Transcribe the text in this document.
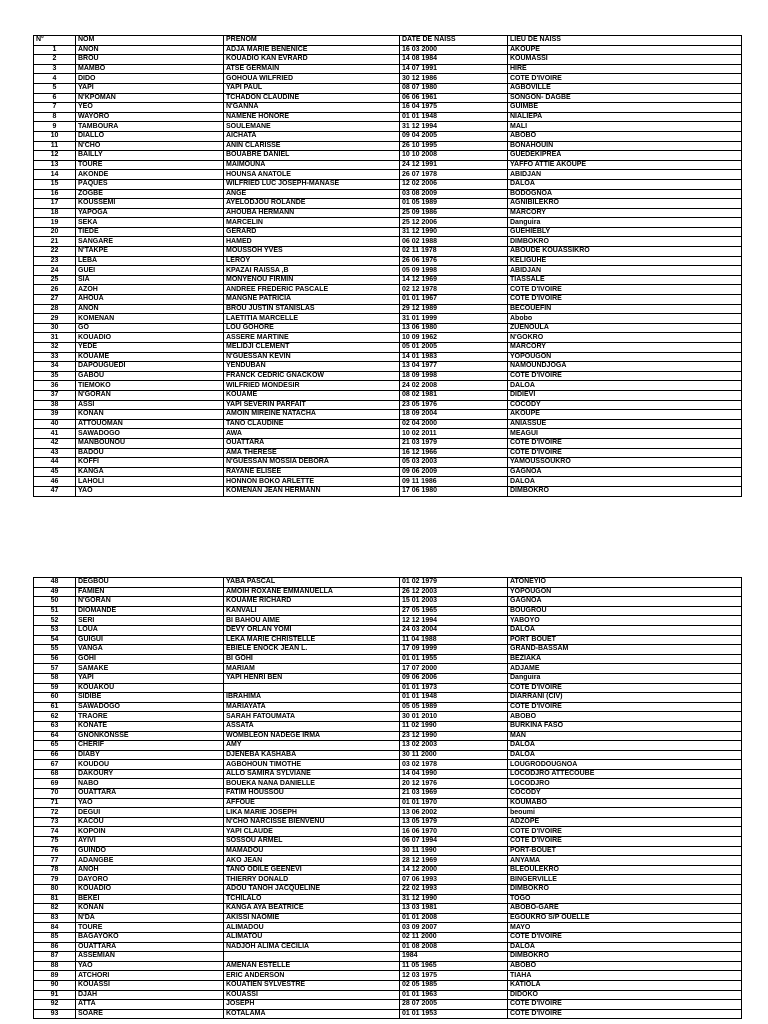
N°	NOM	PRENOM	DATE DE NAISS	LIEU DE NAISS
1	ANON	ADJA MARIE BENENICE	16 03 2000	AKOUPE
2	BROU	KOUADIO KAN EVRARD	14 08 1984	KOUMASSI
3	MAMBO	ATSE GERMAIN	14 07 1991	HIRE
4	DIDO	GOHOUA WILFRIED	30 12 1986	COTE D'IVOIRE
5	YAPI	YAPI PAUL	08 07 1980	AGBOVILLE
6	N'KPOMAN	TCHADON CLAUDINE	06 06 1961	SONGON- DAGBE
7	YEO	N'GANNA	16 04 1975	GUIMBE
8	WAYORO	NAMENE HONORE	01 01 1948	NIALIEPA
9	TAMBOURA	SOULEMANE	31 12 1994	MALI
10	DIALLO	AICHATA	09 04 2005	ABOBO
11	N'CHO	ANIN CLARISSE	26 10 1995	BONAHOUIN
12	BAILLY	BOUABRE DANIEL	10 10 2008	GUEDEKIPREA
13	TOURE	MAIMOUNA	24 12 1991	YAFFO ATTIE AKOUPE
14	AKONDE	HOUNSA ANATOLE	26 07 1978	ABIDJAN
15	PÂQUES	WILFRIED LUC JOSEPH-MANASÉ	12 02 2006	DALOA
16	ZOGBE	ANGE	03 08 2009	BODOGNOA
17	KOUSSEMI	AYELODJOU ROLANDE	01 05 1989	AGNIBILEKRO
18	YAPOGA	AHOUBA HERMANN	25 09 1986	MARCORY
19	SEKA	MARCELIN	25 12 2006	Danguira
20	TIEDE	GÉRARD	31 12 1990	GUEHIEBLY
21	SANGARE	HAMED	06 02 1988	DIMBOKRO
22	N'TAKPE	MOUSSOH YVES	02 11 1978	ABOUDE KOUASSIKRO
23	LEBA	LEROY	26 06 1976	KELIGUHE
24	GUEI	KPAZAI RAISSA ,B	05 09 1998	ABIDJAN
25	SIA	MONYENOU FIRMIN	14 12 1969	TIASSALE
26	AZOH	ANDREE FREDERIC PASCALE	02 12 1978	COTE D'IVOIRE
27	AHOUA	MANGNE PATRICIA	01 01 1967	COTE D'IVOIRE
28	ANON	BROU JUSTIN STANISLAS	29 12 1989	BECOUEFIN
29	KOMENAN	LAETITIA MARCELLE	31 01 1999	Abobo
30	GO	LOU GOHORE	13 06 1980	ZUENOULA
31	KOUADIO	ASSERE MARTINE	10 09 1962	N'GOKRO
32	YEDE	MELIDJI CLEMENT	05 01 2005	MARCORY
33	KOUAME	N'GUESSAN KEVIN	14 01 1983	YOPOUGON
34	DAPOUGUEDI	YENDUBAN	13 04 1977	NAMOUNDJOGA
35	GABOU	FRANCK CEDRIC GNACKOW	18 09 1998	COTE D'IVOIRE
36	TIEMOKO	WILFRIED MONDESIR	24 02 2008	DALOA
37	N'GORAN	KOUAME	08 02 1981	DIDIEVI
38	ASSI	YAPI SEVERIN PARFAIT	23 05 1976	COCODY
39	KONAN	AMOIN MIREINE NATACHA	18 09 2004	AKOUPE
40	ATTOUOMAN	TANO CLAUDINE	02 04 2000	ANIASSUE
41	SAWADOGO	AWA	10 02 2011	MEAGUI
42	MANBOUNOU	OUATTARA	21 03 1979	COTE D'IVOIRE
43	BADOU	AMA THERESE	16 12 1966	COTE D'IVOIRE
44	KOFFI	N'GUESSAN MOSSIA DEBORA	05 03 2003	YAMOUSSOUKRO
45	KANGA	RAYANE ELISEE	09 06 2009	GAGNOA
46	LAHOLI	HONNON BOKO ARLETTE	09 11 1986	DALOA
47	YAO	KOMENAN JEAN HERMANN	17 06 1980	DIMBOKRO
48	DEGBOU	YABA PASCAL	01 02 1979	ATONEYIO
49	FAMIEN	AMOIH ROXANE EMMANUELLA	26 12 2003	YOPOUGON
50	N'GORAN	KOUAME RICHARD	15 01 2003	GAGNOA
51	DIOMANDE	KANVALI	27 05 1965	BOUGROU
52	SERI	BI BAHOU AIME	12 12 1994	YABOYO
53	LOUA	DEVY ORLAN YOMI	24 03 2004	DALOA
54	GUIGUI	LEKA MARIE CHRISTELLE	11 04 1988	PORT BOUET
55	VANGA	EBIELE ENOCK JEAN L.	17 09 1999	GRAND-BASSAM
56	GOHI	BI GOHI	01 01 1955	BEZIAKA
57	SAMAKE	MARIAM	17 07 2000	ADJAME
58	YAPI	YAPI HENRI BEN	09 06 2006	Danguira
59	KOUAKOU		01 01 1973	COTE D'IVOIRE
60	SIDIBE	IBRAHIMA	01 01 1948	DIARRANI (CIV)
61	SAWADOGO	MARIAYATA	05 05 1989	COTE D'IVOIRE
62	TRAORE	SARAH FATOUMATA	30 01 2010	ABOBO
63	KONATE	ASSATA	11 02 1990	BURKINA FASO
64	GNONKONSSE	WOMBLEON NADEGE IRMA	23 12 1990	MAN
65	CHERIF	AMY	13 02 2003	DALOA
66	DIABY	DJENEBA KASHABA	30 11 2000	DALOA
67	KOUDOU	AGBOHOUN TIMOTHE	03 02 1978	LOUGRODOUGNOA
68	DAKOURY	ALLO SAMIRA SYLVIANE	14 04 1990	LOCODJRO ATTECOUBE
69	NABO	BOUEKA NANA DANIELLE	20 12 1976	LOCODJRO
70	OUATTARA	FATIM HOUSSOU	21 03 1969	COCODY
71	YAO	AFFOUE	01 01 1970	KOUMABO
72	DEGUI	LIKA MARIE JOSEPH	13 06 2002	beoumi
73	KACOU	N'CHO NARCISSE BIENVENU	13 05 1979	ADZOPE
74	KOPOIN	YAPI CLAUDE	16 06 1970	COTE D'IVOIRE
75	AYIVI	SOSSOU ARMEL	06 07 1994	COTE D'IVOIRE
76	GUINDO	MAMADOU	30 11 1990	PORT-BOUET
77	ADANGBE	AKO JEAN	28 12 1969	ANYAMA
78	ANOH	TANO ODILE GEENEVI	14 12 2000	BLEOULEKRO
79	DAYORO	THIERRY DONALD	07 06 1993	BINGERVILLE
80	KOUADIO	ADOU TANOH JACQUELINE	22 02 1993	DIMBOKRO
81	BEKEI	TCHILALO	31 12 1990	TOGO
82	KONAN	KANGA AYA BEATRICE	13 03 1981	ABOBO-GARE
83	N'DA	AKISSI NAOMIE	01 01 2008	EGOUKRO S/P OUELLE
84	TOURE	ALIMADOU	03 09 2007	MAYO
85	BAGAYOKO	ALIMATOU	02 11 2000	COTE D'IVOIRE
86	OUATTARA	NADJOH ALIMA CECILIA	01 08 2008	DALOA
87	ASSEMIAN		1984	DIMBOKRO
88	YAO	AMENAN ESTELLE	11 05 1965	ABOBO
89	ATCHORI	ERIC ANDERSON	12 03 1975	TIAHA
90	KOUASSI	KOUATIEN SYLVESTRE	02 05 1985	KATIOLA
91	DJAH	KOUASSI	01 01 1963	DIDOKO
92	ATTA	JOSEPH	28 07 2005	COTE D'IVOIRE
93	SOARE	KOTALAMA	01 01 1953	COTE D'IVOIRE
